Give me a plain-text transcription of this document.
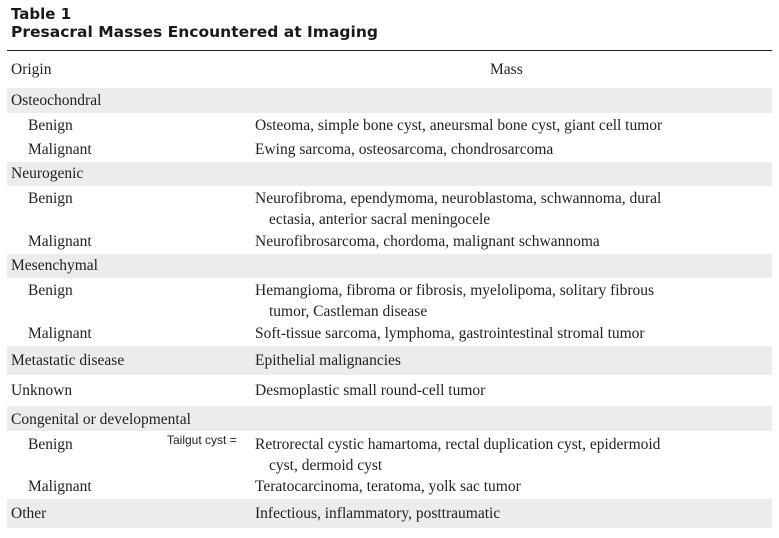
Table 1
Presacral Masses Encountered at Imaging
Origin	Mass
Osteochondral
Benign	Osteoma, simple bone cyst, aneursmal bone cyst, giant cell tumor
Malignant	Ewing sarcoma, osteosarcoma, chondrosarcoma
Neurogenic
Benign	Neurofibroma, ependymoma, neuroblastoma, schwannoma, dural
ectasia, anterior sacral meningocele
Malignant	Neurofibrosarcoma, chordoma, malignant schwannoma
Mesenchymal
Benign	Hemangioma, fibroma or fibrosis, myelolipoma, solitary fibrous
tumor, Castleman disease
Malignant	Soft-tissue sarcoma, lymphoma, gastrointestinal stromal tumor
Metastatic disease	Epithelial malignancies
Unknown	Desmoplastic small round-cell tumor
Congenital or developmental
Benign	Tailgut cyst = Retrorectal cystic hamartoma, rectal duplication cyst, epidermoid
cyst, dermoid cyst
Malignant	Teratocarcinoma, teratoma, yolk sac tumor
Other	Infectious, inflammatory, posttraumatic
